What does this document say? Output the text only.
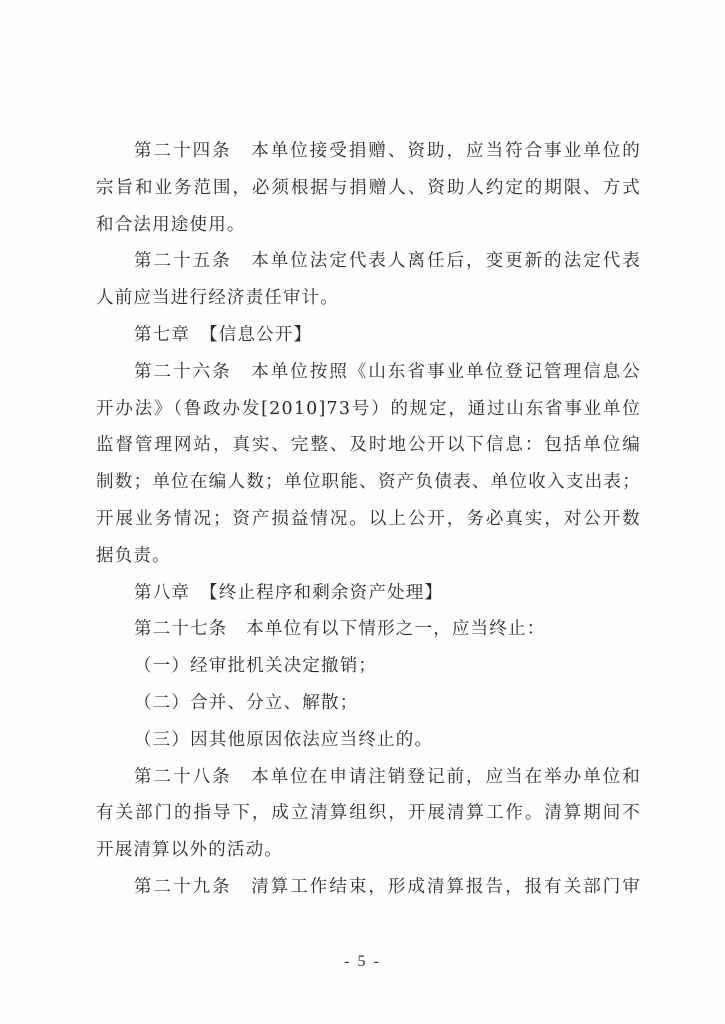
第二十四条　本单位接受捐赠、资助，应当符合事业单位的
宗旨和业务范围，必须根据与捐赠人、资助人约定的期限、方式
和合法用途使用。
第二十五条　本单位法定代表人离任后，变更新的法定代表
人前应当进行经济责任审计。
第七章　【信息公开】
第二十六条　本单位按照《山东省事业单位登记管理信息公
开办法》（鲁政办发[2010]73号）的规定，通过山东省事业单位
监督管理网站，真实、完整、及时地公开以下信息：包括单位编
制数；单位在编人数；单位职能、资产负债表、单位收入支出表；
开展业务情况；资产损益情况。以上公开，务必真实，对公开数
据负责。
第八章　【终止程序和剩余资产处理】
第二十七条　本单位有以下情形之一，应当终止：
（一）经审批机关决定撤销；
（二）合并、分立、解散；
（三）因其他原因依法应当终止的。
第二十八条　本单位在申请注销登记前，应当在举办单位和
有关部门的指导下，成立清算组织，开展清算工作。清算期间不
开展清算以外的活动。
第二十九条　清算工作结束，形成清算报告，报有关部门审
- 5 -
